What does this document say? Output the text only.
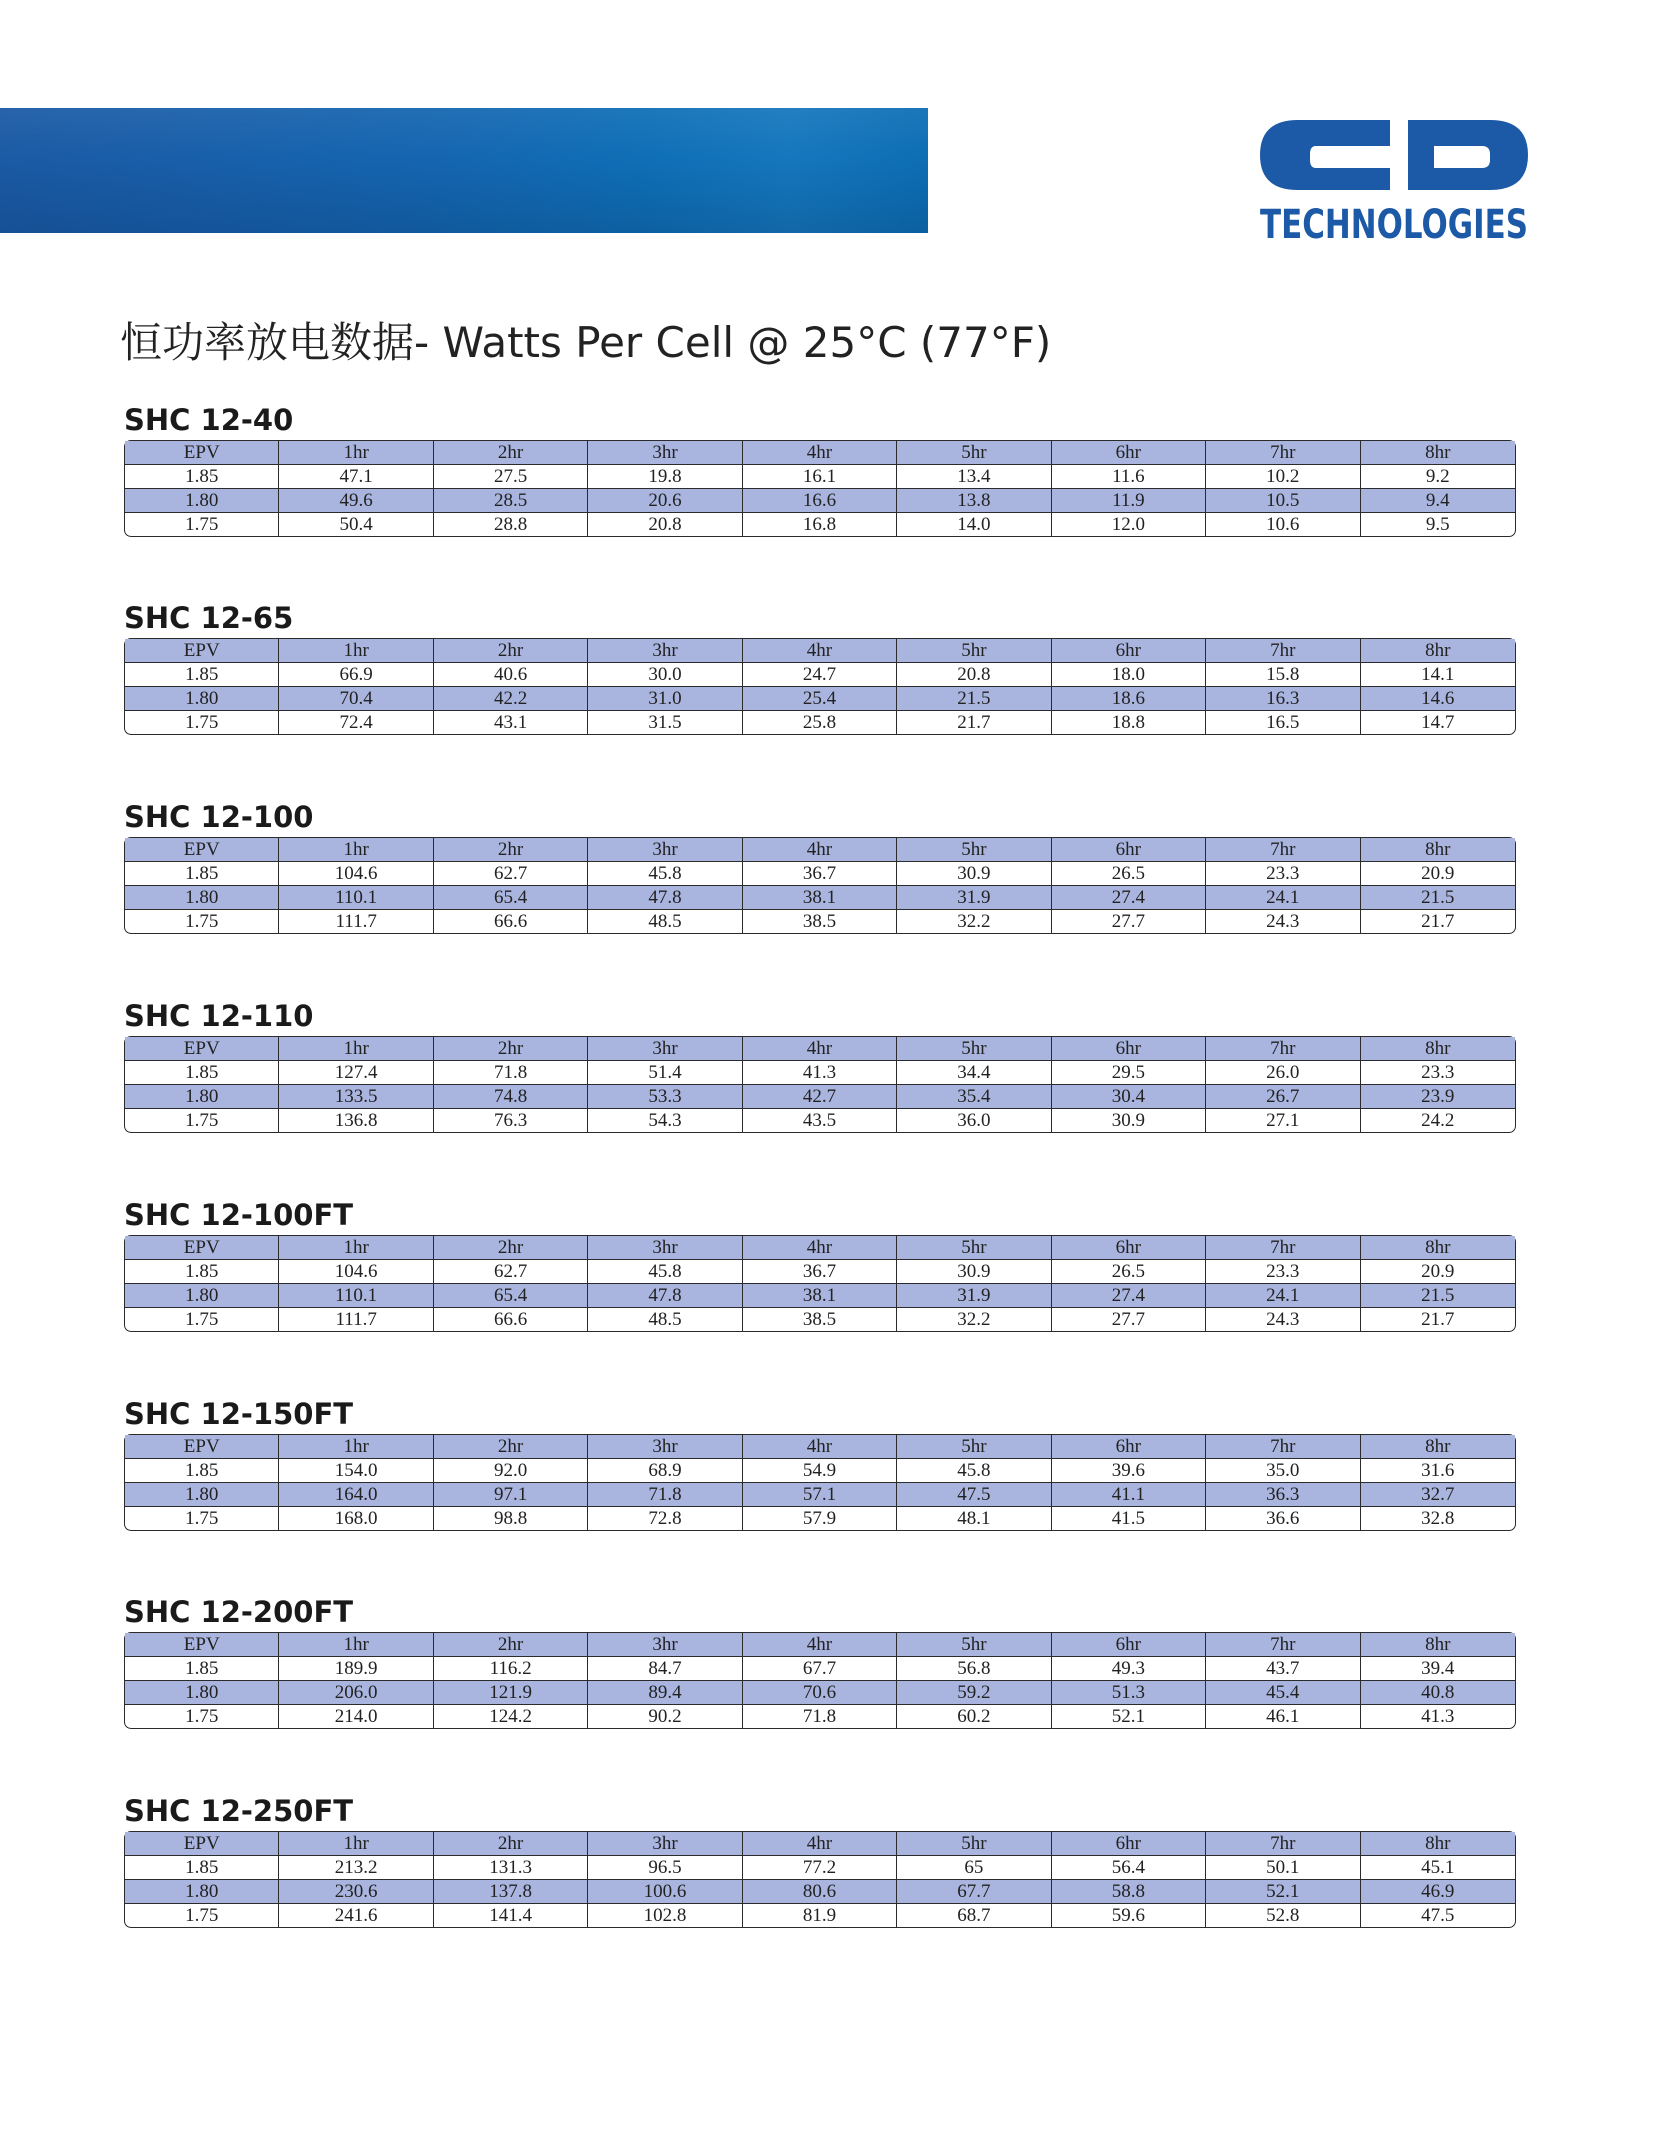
&
TECHNOLOGIES
恒功率放电数据- Watts Per Cell @ 25°C (77°F)
SHC 12-40
EPV	1hr	2hr	3hr	4hr	5hr	6hr	7hr	8hr
1.85	47.1	27.5	19.8	16.1	13.4	11.6	10.2	9.2
1.80	49.6	28.5	20.6	16.6	13.8	11.9	10.5	9.4
1.75	50.4	28.8	20.8	16.8	14.0	12.0	10.6	9.5
SHC 12-65
EPV	1hr	2hr	3hr	4hr	5hr	6hr	7hr	8hr
1.85	66.9	40.6	30.0	24.7	20.8	18.0	15.8	14.1
1.80	70.4	42.2	31.0	25.4	21.5	18.6	16.3	14.6
1.75	72.4	43.1	31.5	25.8	21.7	18.8	16.5	14.7
SHC 12-100
EPV	1hr	2hr	3hr	4hr	5hr	6hr	7hr	8hr
1.85	104.6	62.7	45.8	36.7	30.9	26.5	23.3	20.9
1.80	110.1	65.4	47.8	38.1	31.9	27.4	24.1	21.5
1.75	111.7	66.6	48.5	38.5	32.2	27.7	24.3	21.7
SHC 12-110
EPV	1hr	2hr	3hr	4hr	5hr	6hr	7hr	8hr
1.85	127.4	71.8	51.4	41.3	34.4	29.5	26.0	23.3
1.80	133.5	74.8	53.3	42.7	35.4	30.4	26.7	23.9
1.75	136.8	76.3	54.3	43.5	36.0	30.9	27.1	24.2
SHC 12-100FT
EPV	1hr	2hr	3hr	4hr	5hr	6hr	7hr	8hr
1.85	104.6	62.7	45.8	36.7	30.9	26.5	23.3	20.9
1.80	110.1	65.4	47.8	38.1	31.9	27.4	24.1	21.5
1.75	111.7	66.6	48.5	38.5	32.2	27.7	24.3	21.7
SHC 12-150FT
EPV	1hr	2hr	3hr	4hr	5hr	6hr	7hr	8hr
1.85	154.0	92.0	68.9	54.9	45.8	39.6	35.0	31.6
1.80	164.0	97.1	71.8	57.1	47.5	41.1	36.3	32.7
1.75	168.0	98.8	72.8	57.9	48.1	41.5	36.6	32.8
SHC 12-200FT
EPV	1hr	2hr	3hr	4hr	5hr	6hr	7hr	8hr
1.85	189.9	116.2	84.7	67.7	56.8	49.3	43.7	39.4
1.80	206.0	121.9	89.4	70.6	59.2	51.3	45.4	40.8
1.75	214.0	124.2	90.2	71.8	60.2	52.1	46.1	41.3
SHC 12-250FT
EPV	1hr	2hr	3hr	4hr	5hr	6hr	7hr	8hr
1.85	213.2	131.3	96.5	77.2	65	56.4	50.1	45.1
1.80	230.6	137.8	100.6	80.6	67.7	58.8	52.1	46.9
1.75	241.6	141.4	102.8	81.9	68.7	59.6	52.8	47.5
